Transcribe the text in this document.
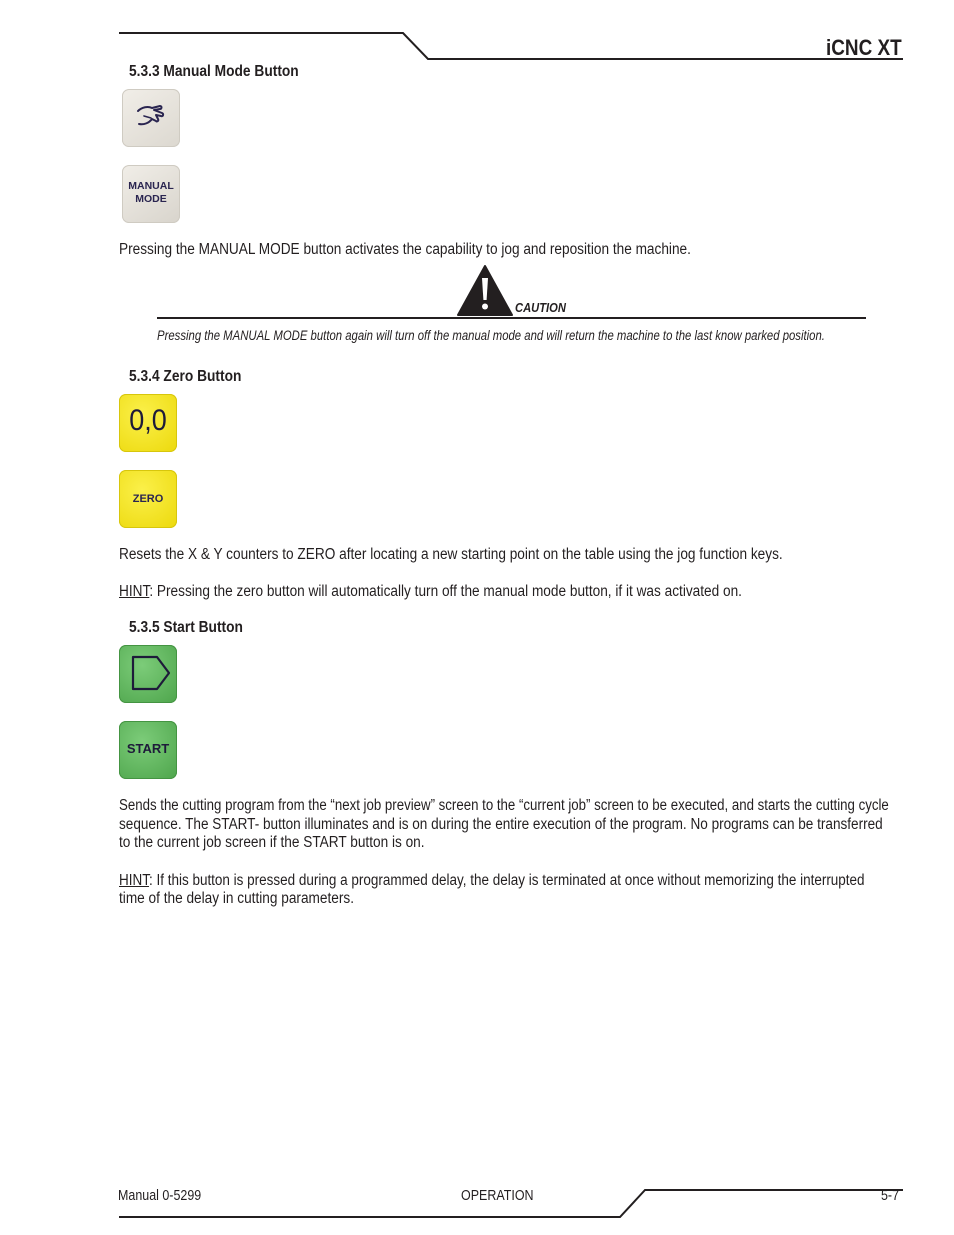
iCNC XT
5.3.3 Manual Mode Button
MANUAL
MODE
Pressing the MANUAL MODE button activates the capability to jog and reposition the machine.
CAUTION
Pressing the MANUAL MODE button again will turn off the manual mode and will return the machine to the last know parked position.
5.3.4 Zero Button
0,0
ZERO
Resets the X & Y counters to ZERO after locating a new starting point on the table using the jog function keys.
HINT: Pressing the zero button will automatically turn off the manual mode button, if it was activated on.
5.3.5 Start Button
START
Sends the cutting program from the “next job preview” screen to the “current job” screen to be executed, and starts the cutting cycle
sequence. The START- button illuminates and is on during the entire execution of the program. No programs can be transferred
to the current job screen if the START button is on.
HINT: If this button is pressed during a programmed delay, the delay is terminated at once without memorizing the interrupted
time of the delay in cutting parameters.
Manual 0-5299	OPERATION	5-7
